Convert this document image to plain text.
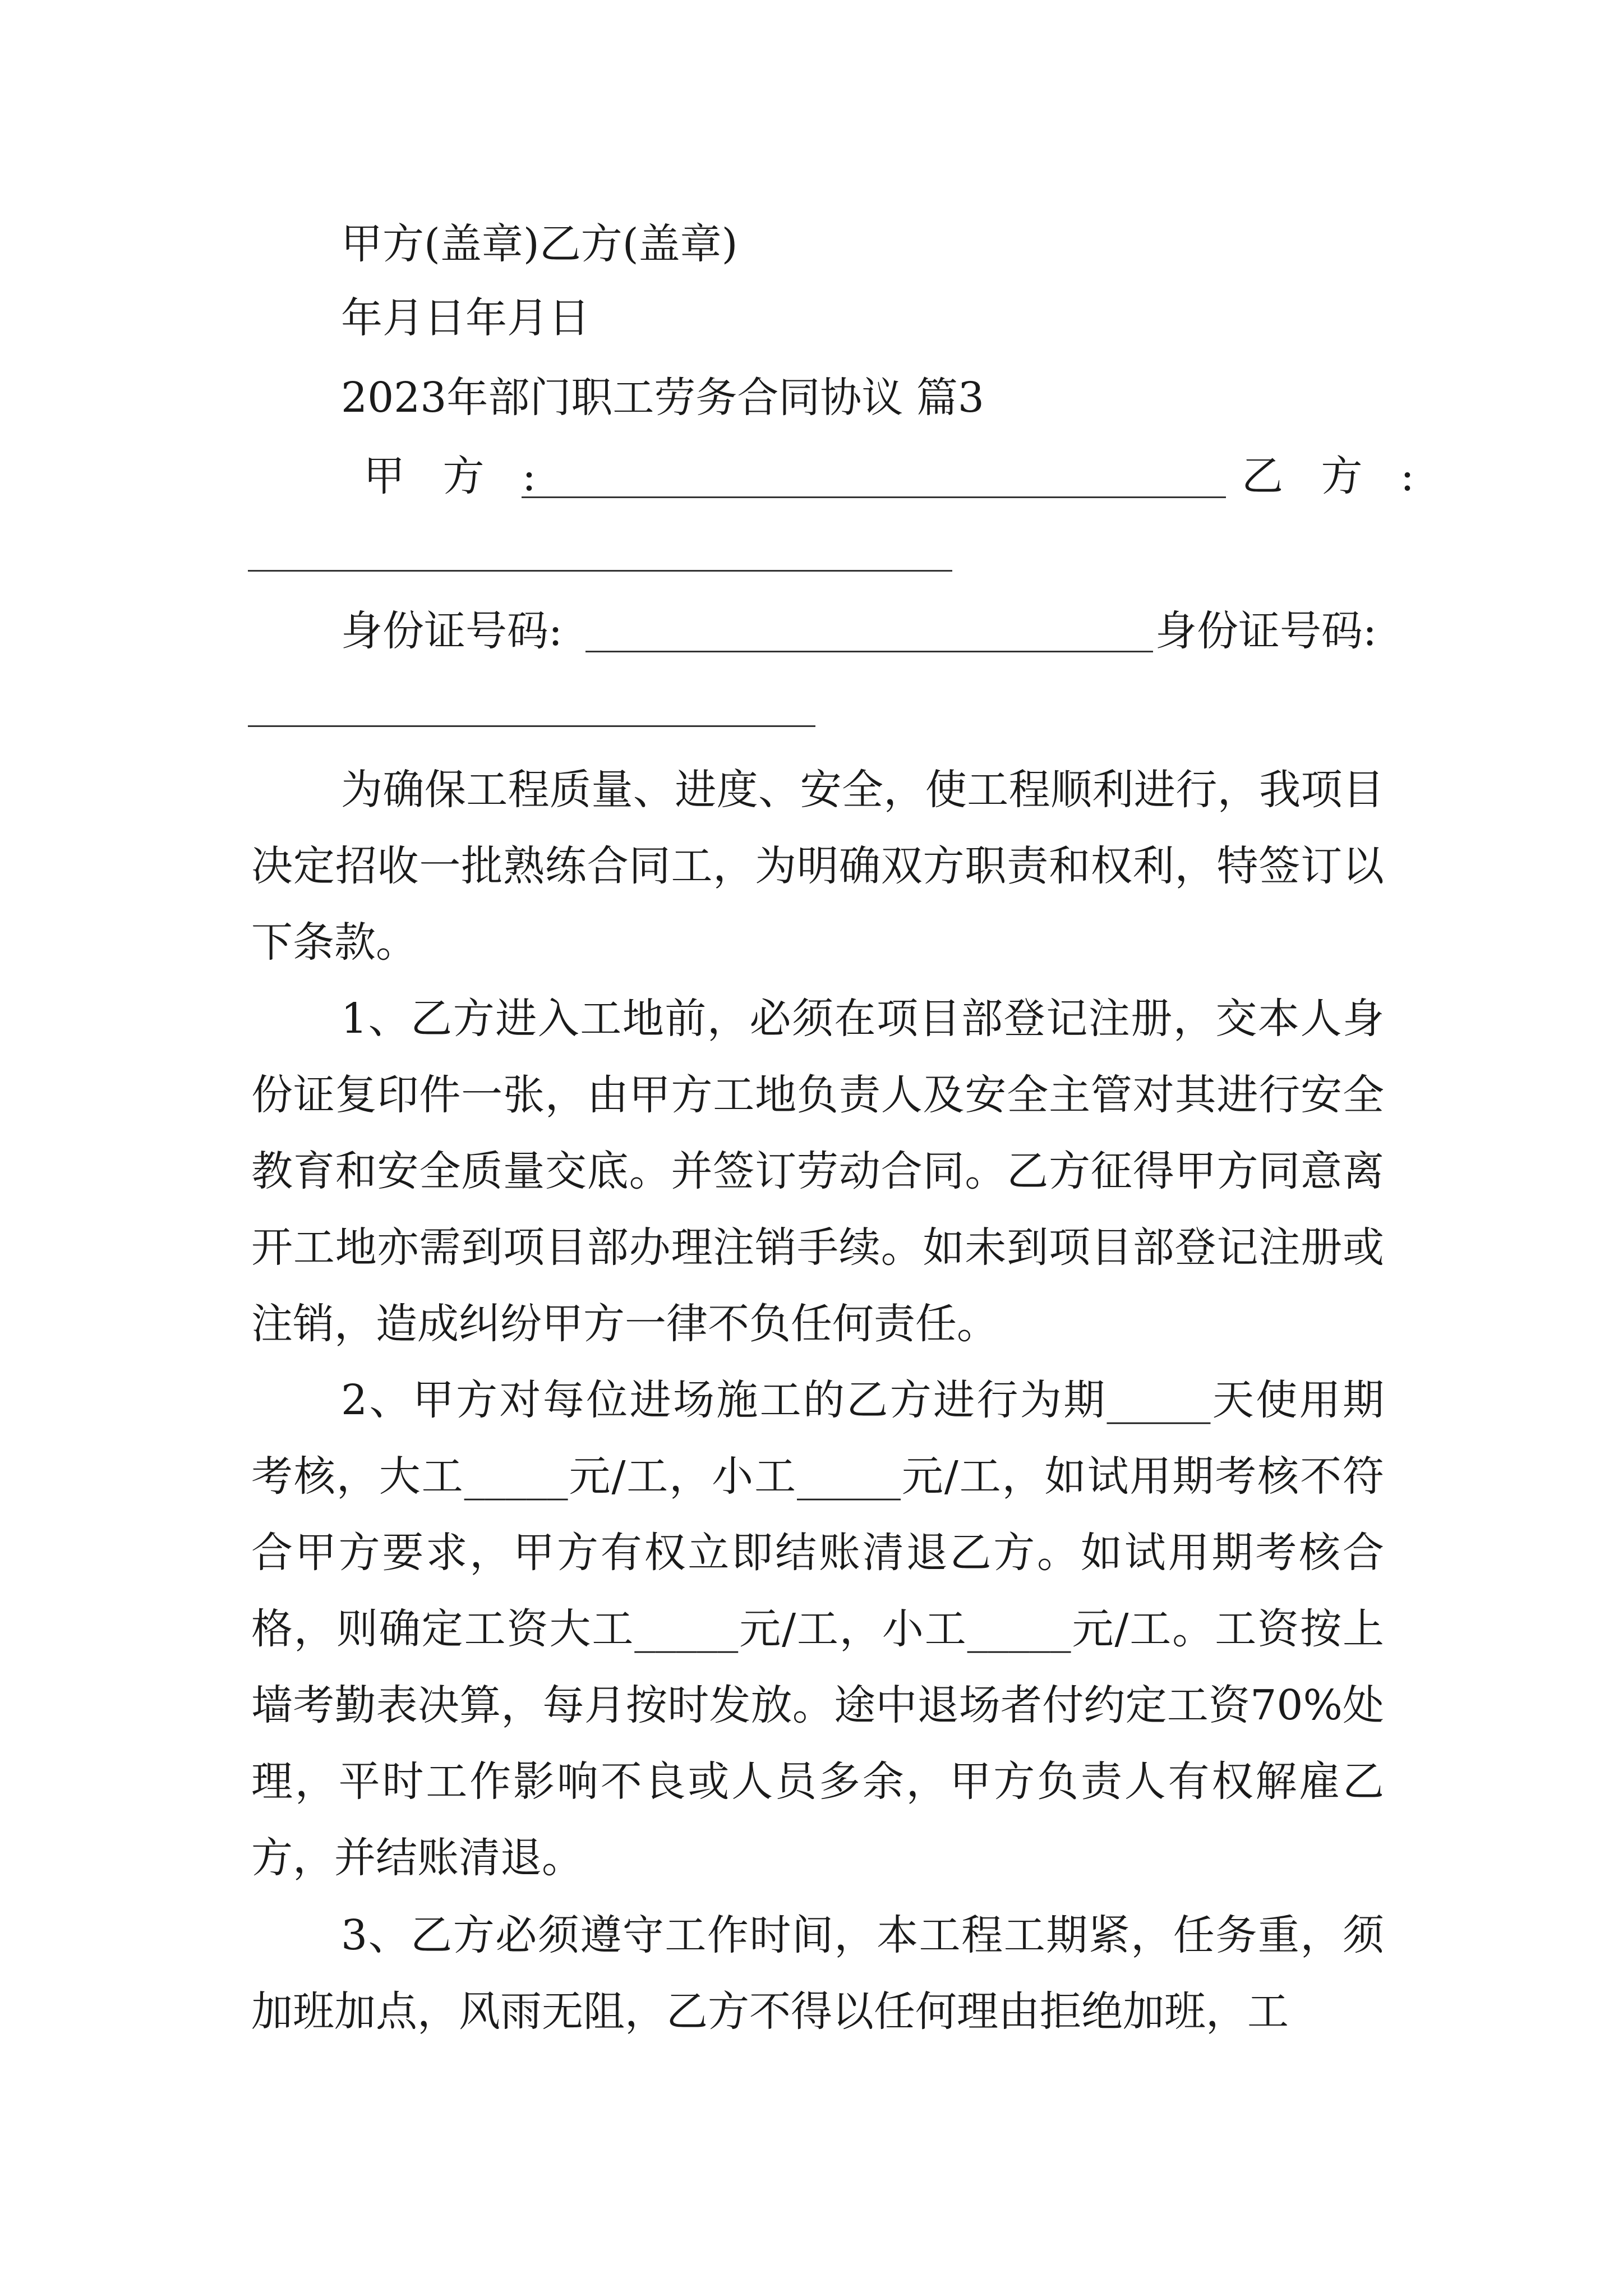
甲方(盖章)乙方(盖章)
年月日年月日
2023年部门职工劳务合同协议 篇3
甲 方 :	乙 方 :
身份证号码:	身份证号码:
为确保工程质量、进度、安全，使工程顺利进行，我项目决定招收一批熟练合同工，为明确双方职责和权利，特签订以下条款。
1、乙方进入工地前，必须在项目部登记注册，交本人身份证复印件一张，由甲方工地负责人及安全主管对其进行安全教育和安全质量交底。并签订劳动合同。乙方征得甲方同意离开工地亦需到项目部办理注销手续。如未到项目部登记注册或注销，造成纠纷甲方一律不负任何责任。
2、甲方对每位进场施工的乙方进行为期_____天使用期考核，大工_____元/工，小工_____元/工，如试用期考核不符合甲方要求，甲方有权立即结账清退乙方。如试用期考核合格，则确定工资大工_____元/工，小工_____元/工。工资按上墙考勤表决算，每月按时发放。途中退场者付约定工资70%处理，平时工作影响不良或人员多余，甲方负责人有权解雇乙方，并结账清退。
3、乙方必须遵守工作时间，本工程工期紧，任务重，须加班加点，风雨无阻，乙方不得以任何理由拒绝加班，工
